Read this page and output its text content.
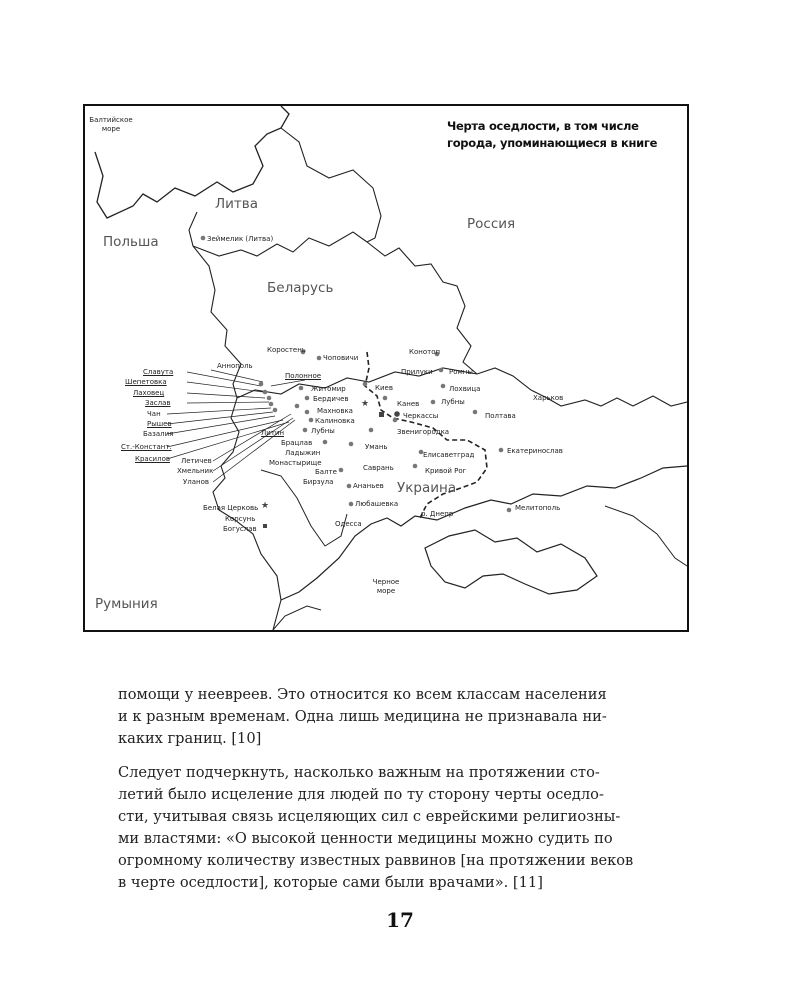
★
★
Черта оседлости, в том числе
города, упоминающиеся в книге
Литва
Россия
Польша
Беларусь
Украина
Румыния
Балтийское
море
Черное
море
Зеймелик (Литва)
Аннополь
Коростень
Чоповичи
Конотоп
Полонное	Прилуки Ромны
Житомир	Киев	Лохвица
Харьков
Бердичев
Канев	Лубны
Махновка
Черкассы	Полтава
Калиновка
Лубны	Звенигородка
Литин
Брацлав
Ладыжин
Монастырище
Умань
Елисаветград	Екатеринослав
Балте	Саврань	Кривой Рог
Бирзула	Ананьев
Любашевка	Мелитополь
р. Днепр
Одесса
Славута
Шепетовка
Лаховец
Заслав
Чан
Рышев
Базалия
Ст.-Констант.
Красилов Летичев
Хмельник
Уланов
Белая Церковь
Корсунь
Богуслав
помощи у неевреев. Это относится ко всем классам населения
и к разным временам. Одна лишь медицина не признавала ни-
каких границ. [10]
Следует подчеркнуть, насколько важным на протяжении сто-
летий было исцеление для людей по ту сторону черты оседло-
сти, учитывая связь исцеляющих сил с еврейскими религиозны-
ми властями: «О высокой ценности медицины можно судить по
огромному количеству известных раввинов [на протяжении веков
в черте оседлости], которые сами были врачами». [11]
17
